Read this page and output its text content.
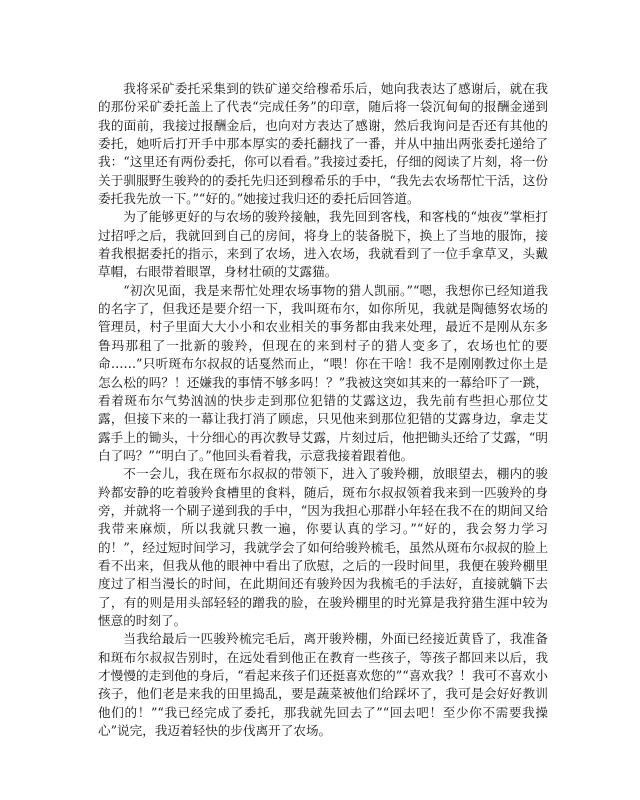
我将采矿委托采集到的铁矿递交给穆希乐后，她向我表达了感谢后，就在我的那份采矿委托盖上了代表“完成任务”的印章，随后将一袋沉甸甸的报酬金递到我的面前，我接过报酬金后，也向对方表达了感谢，然后我询问是否还有其他的委托，她听后打开手中那本厚实的委托翻找了一番，并从中抽出两张委托递给了我：“这里还有两份委托，你可以看看。”我接过委托，仔细的阅读了片刻，将一份关于驯服野生骏羚的的委托先归还到穆希乐的手中，“我先去农场帮忙干活，这份委托我先放一下。”“好的。”她接过我归还的委托后回答道。

为了能够更好的与农场的骏羚接触，我先回到客栈，和客栈的“烛夜”掌柜打过招呼之后，我就回到自己的房间，将身上的装备脱下，换上了当地的服饰，接着我根据委托的指示，来到了农场，进入农场，我就看到了一位手拿草叉，头戴草帽，右眼带着眼罩，身材壮硕的艾露猫。

“初次见面，我是来帮忙处理农场事物的猎人凯丽。”“嗯，我想你已经知道我的名字了，但我还是要介绍一下，我叫斑布尔，如你所见，我就是陶德努农场的管理员，村子里面大大小小和农业相关的事务都由我来处理，最近不是刚从东多鲁玛那租了一批新的骏羚，但现在的来到村子的猎人变多了，农场也忙的要命……”只听斑布尔叔叔的话戛然而止，“喂！你在干啥！我不是刚刚教过你土是怎么松的吗？！还嫌我的事情不够多吗！？”我被这突如其来的一幕给吓了一跳，看着斑布尔气势汹汹的快步走到那位犯错的艾露这边，我先前有些担心那位艾露，但接下来的一幕让我打消了顾虑，只见他来到那位犯错的艾露身边，拿走艾露手上的锄头，十分细心的再次教导艾露，片刻过后，他把锄头还给了艾露，“明白了吗？”“明白了。”他回头看着我，示意我接着跟着他。

不一会儿，我在斑布尔叔叔的带领下，进入了骏羚棚，放眼望去，棚内的骏羚都安静的吃着骏羚食槽里的食料，随后，斑布尔叔叔领着我来到一匹骏羚的身旁，并就将一个刷子递到我的手中，“因为我担心那群小年轻在我不在的期间又给我带来麻烦，所以我就只教一遍，你要认真的学习。”“好的，我会努力学习的！”，经过短时间学习，我就学会了如何给骏羚梳毛，虽然从斑布尔叔叔的脸上看不出来，但我从他的眼神中看出了欣慰，之后的一段时间里，我便在骏羚棚里度过了相当漫长的时间，在此期间还有骏羚因为我梳毛的手法好，直接就躺下去了，有的则是用头部轻轻的蹭我的脸，在骏羚棚里的时光算是我狩猎生涯中较为惬意的时刻了。

当我给最后一匹骏羚梳完毛后，离开骏羚棚，外面已经接近黄昏了，我准备和斑布尔叔叔告别时，在远处看到他正在教育一些孩子，等孩子都回来以后，我才慢慢的走到他的身后，“看起来孩子们还挺喜欢您的”“喜欢我？！我可不喜欢小孩子，他们老是来我的田里捣乱，要是蔬菜被他们给踩坏了，我可是会好好教训他们的！”“我已经完成了委托，那我就先回去了”“回去吧！至少你不需要我操心”说完，我迈着轻快的步伐离开了农场。
